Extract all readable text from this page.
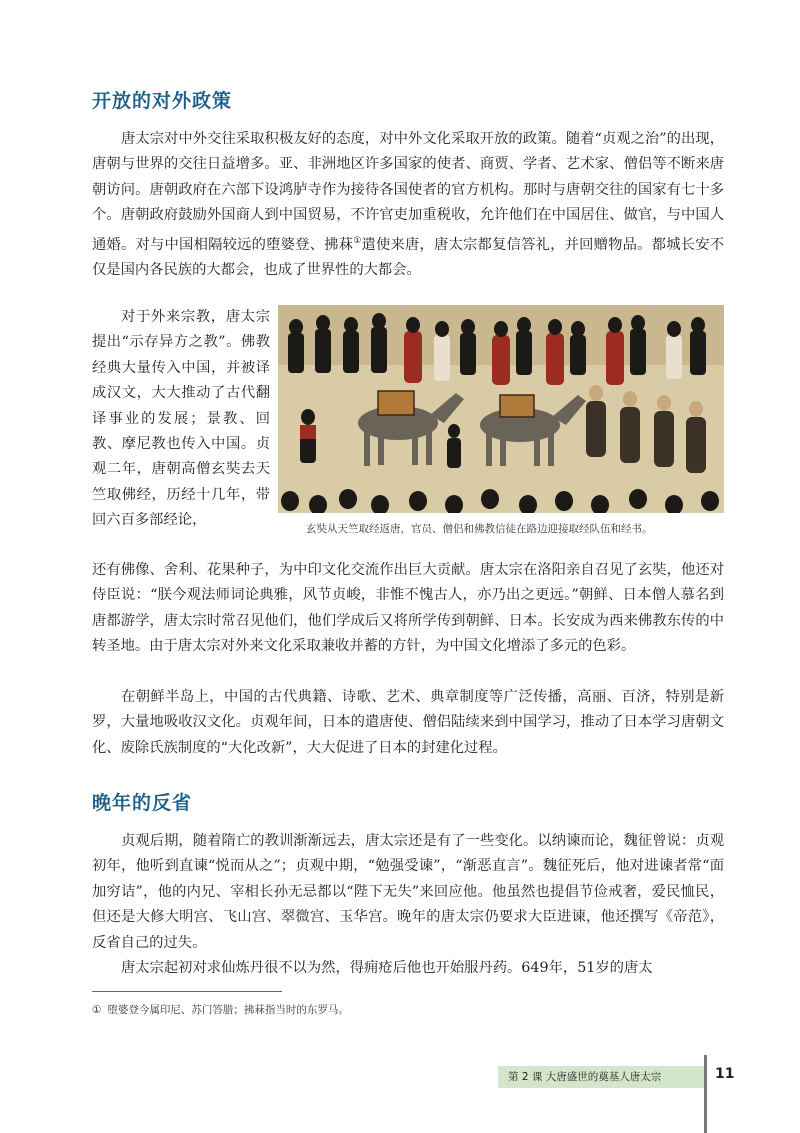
开放的对外政策

唐太宗对中外交往采取积极友好的态度，对中外文化采取开放的政策。随着“贞观之治”的出现，唐朝与世界的交往日益增多。亚、非洲地区许多国家的使者、商贾、学者、艺术家、僧侣等不断来唐朝访问。唐朝政府在六部下设鸿胪寺作为接待各国使者的官方机构。那时与唐朝交往的国家有七十多个。唐朝政府鼓励外国商人到中国贸易，不许官吏加重税收，允许他们在中国居住、做官，与中国人通婚。对与中国相隔较远的堕婆登、拂菻①遣使来唐，唐太宗都复信答礼，并回赠物品。都城长安不仅是国内各民族的大都会，也成了世界性的大都会。

对于外来宗教，唐太宗提出“示存异方之教”。佛教经典大量传入中国，并被译成汉文，大大推动了古代翻译事业的发展；景教、回教、摩尼教也传入中国。贞观二年，唐朝高僧玄奘去天竺取佛经，历经十几年，带回六百多部经论，

玄奘从天竺取经返唐，官员、僧侣和佛教信徒在路边迎接取经队伍和经书。

还有佛像、舍利、花果种子，为中印文化交流作出巨大贡献。唐太宗在洛阳亲自召见了玄奘，他还对侍臣说：“朕今观法师词论典雅，风节贞峻，非惟不愧古人，亦乃出之更远。”朝鲜、日本僧人慕名到唐都游学，唐太宗时常召见他们，他们学成后又将所学传到朝鲜、日本。长安成为西来佛教东传的中转圣地。由于唐太宗对外来文化采取兼收并蓄的方针，为中国文化增添了多元的色彩。

在朝鲜半岛上，中国的古代典籍、诗歌、艺术、典章制度等广泛传播，高丽、百济，特别是新罗，大量地吸收汉文化。贞观年间，日本的遣唐使、僧侣陆续来到中国学习，推动了日本学习唐朝文化、废除氏族制度的“大化改新”，大大促进了日本的封建化过程。

晚年的反省

贞观后期，随着隋亡的教训渐渐远去，唐太宗还是有了一些变化。以纳谏而论，魏征曾说：贞观初年，他听到直谏“悦而从之”；贞观中期，“勉强受谏”，“渐恶直言”。魏征死后，他对进谏者常“面加穷诘”，他的内兄、宰相长孙无忌都以“陛下无失”来回应他。他虽然也提倡节俭戒奢，爱民恤民，但还是大修大明宫、飞山宫、翠微宫、玉华宫。晚年的唐太宗仍要求大臣进谏，他还撰写《帝范》，反省自己的过失。

唐太宗起初对求仙炼丹很不以为然，得痈疮后他也开始服丹药。649年，51岁的唐太

① 堕婆登今属印尼、苏门答腊；拂菻指当时的东罗马。

第 2 课 大唐盛世的奠基人唐太宗	11
